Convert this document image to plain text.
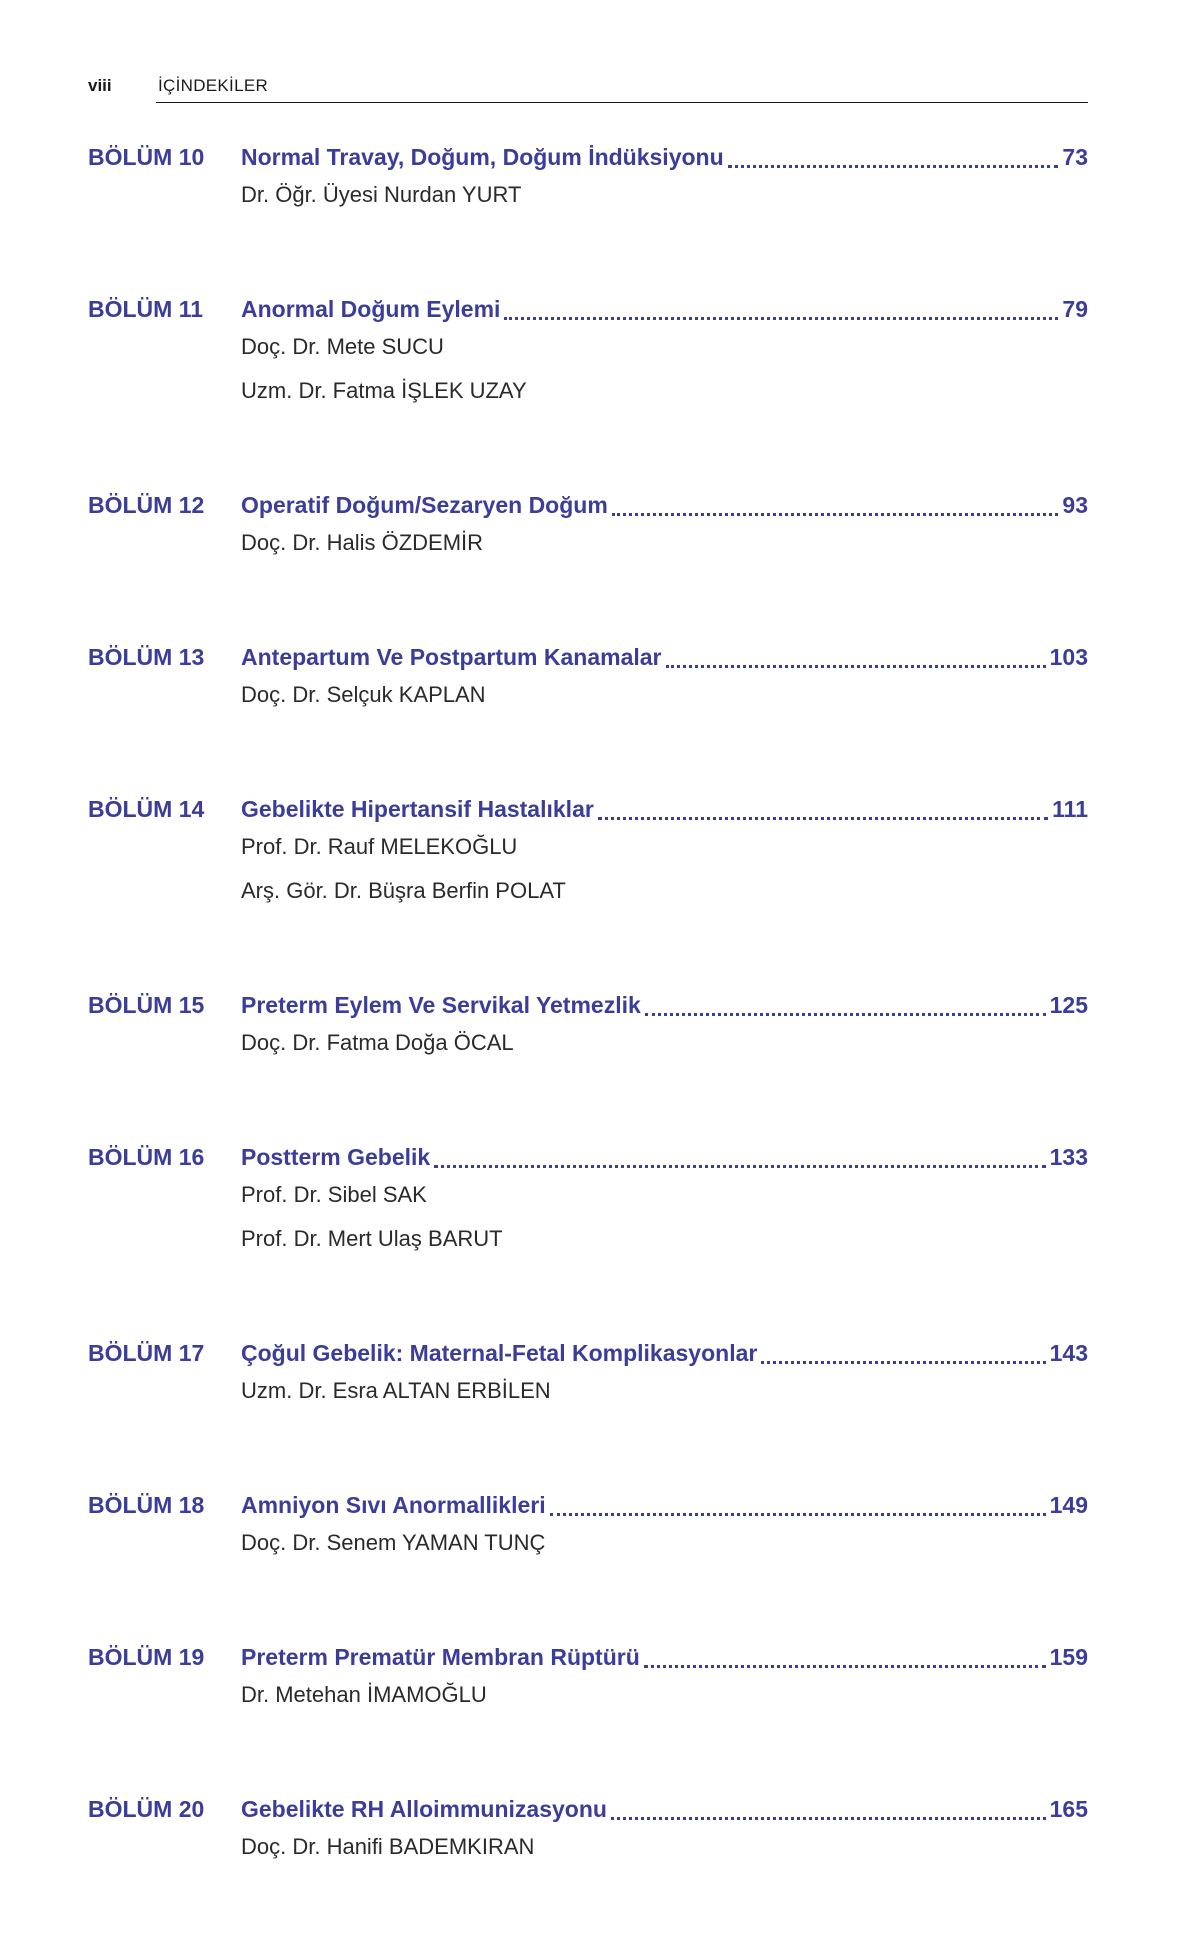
viii	İÇİNDEKİLER
BÖLÜM 10 Normal Travay, Doğum, Doğum İndüksiyonu	73
Dr. Öğr. Üyesi Nurdan YURT
BÖLÜM 11 Anormal Doğum Eylemi	79
Doç. Dr. Mete SUCU
Uzm. Dr. Fatma İŞLEK UZAY
BÖLÜM 12 Operatif Doğum/Sezaryen Doğum	93
Doç. Dr. Halis ÖZDEMİR
BÖLÜM 13 Antepartum Ve Postpartum Kanamalar	103
Doç. Dr. Selçuk KAPLAN
BÖLÜM 14 Gebelikte Hipertansif Hastalıklar	111
Prof. Dr. Rauf MELEKOĞLU
Arş. Gör. Dr. Büşra Berfin POLAT
BÖLÜM 15 Preterm Eylem Ve Servikal Yetmezlik	125
Doç. Dr. Fatma Doğa ÖCAL
BÖLÜM 16 Postterm Gebelik	133
Prof. Dr. Sibel SAK
Prof. Dr. Mert Ulaş BARUT
BÖLÜM 17 Çoğul Gebelik: Maternal-Fetal Komplikasyonlar	143
Uzm. Dr. Esra ALTAN ERBİLEN
BÖLÜM 18 Amniyon Sıvı Anormallikleri	149
Doç. Dr. Senem YAMAN TUNÇ
BÖLÜM 19 Preterm Prematür Membran Rüptürü	159
Dr. Metehan İMAMOĞLU
BÖLÜM 20 Gebelikte RH Alloimmunizasyonu	165
Doç. Dr. Hanifi BADEMKIRAN
